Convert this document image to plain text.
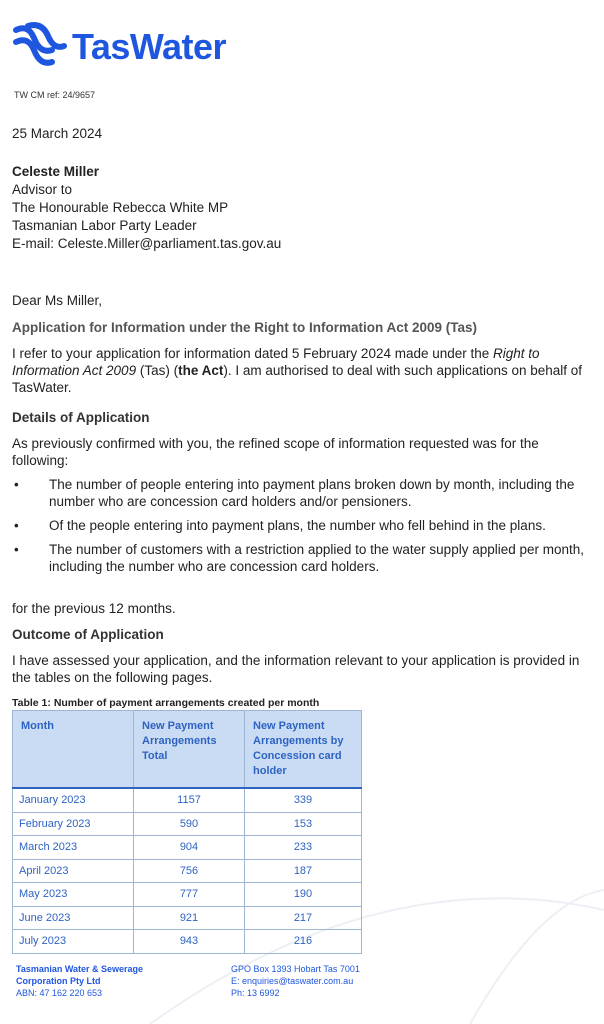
TasWater
TW CM ref: 24/9657
25 March 2024
Celeste Miller
Advisor to
The Honourable Rebecca White MP
Tasmanian Labor Party Leader
E-mail: Celeste.Miller@parliament.tas.gov.au
Dear Ms Miller,
Application for Information under the Right to Information Act 2009 (Tas)
I refer to your application for information dated 5 February 2024 made under the Right to Information Act 2009 (Tas) (the Act). I am authorised to deal with such applications on behalf of TasWater.
Details of Application
As previously confirmed with you, the refined scope of information requested was for the following:
• The number of people entering into payment plans broken down by month, including the number who are concession card holders and/or pensioners.
• Of the people entering into payment plans, the number who fell behind in the plans.
• The number of customers with a restriction applied to the water supply applied per month, including the number who are concession card holders.
for the previous 12 months.
Outcome of Application
I have assessed your application, and the information relevant to your application is provided in the tables on the following pages.
Table 1: Number of payment arrangements created per month
Month	New Payment Arrangements Total	New Payment Arrangements by Concession card holder
January 2023	1157	339
February 2023	590	153
March 2023	904	233
April 2023	756	187
May 2023	777	190
June 2023	921	217
July 2023	943	216
Tasmanian Water & Sewerage
Corporation Pty Ltd
ABN: 47 162 220 653
GPO Box 1393 Hobart Tas 7001
E: enquiries@taswater.com.au
Ph: 13 6992
